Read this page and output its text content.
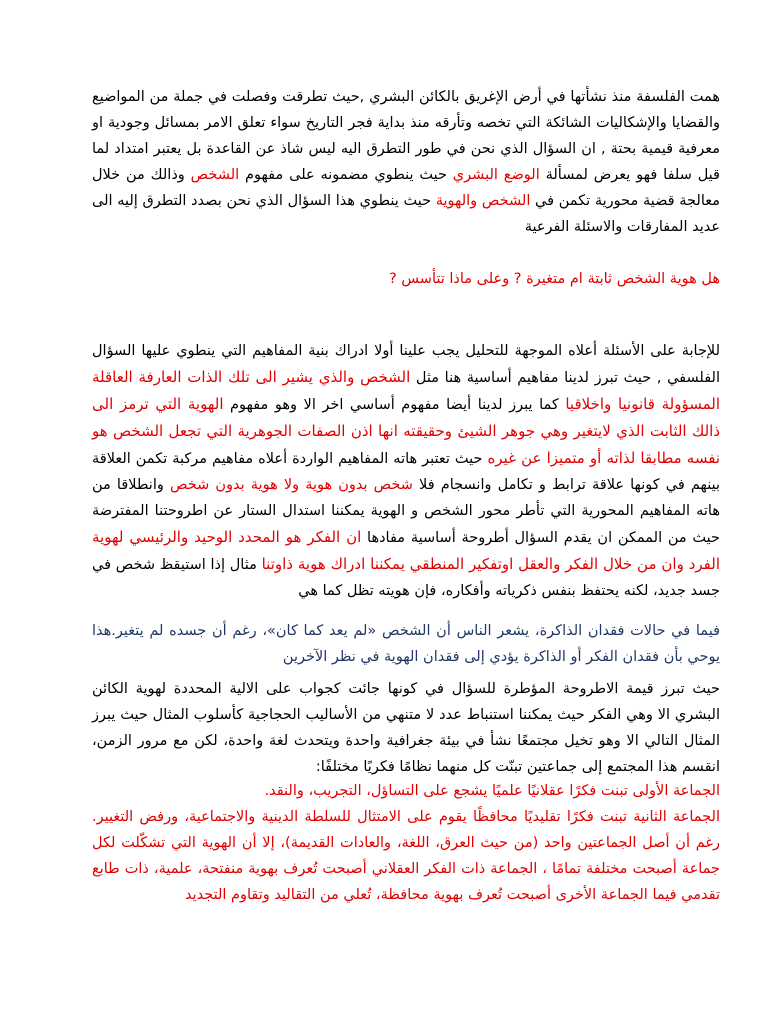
همت الفلسفة منذ نشأتها في أرض الإغريق بالكائن البشري ,حيث تطرقت وفصلت في جملة من المواضيع والقضايا والإشكاليات الشائكة التي تخصه وتأرقه منذ بداية فجر التاريخ سواء تعلق الامر بمسائل وجودية او معرفية قيمية بحتة , ان السؤال الذي نحن في طور التطرق اليه ليس شاذ عن القاعدة بل يعتبر امتداد لما قيل سلفا فهو يعرض لمسألة الوضع البشري حيث ينطوي مضمونه على مفهوم الشخص وذالك من خلال معالجة قضية محورية تكمن في الشخص والهوية حيث ينطوي هذا السؤال الذي نحن بصدد التطرق إليه الى عديد المفارقات والاسئلة الفرعية
هل هوية الشخص ثابتة ام متغيرة ? وعلى ماذا تتأسس ?
للإجابة على الأسئلة أعلاه الموجهة للتحليل يجب علينا أولا ادراك بنية المفاهيم التي ينطوي عليها السؤال الفلسفي , حيث تبرز لدينا مفاهيم أساسية هنا مثل الشخص والذي يشير الى تلك الذات العارفة العاقلة المسؤولة قانونيا واخلاقيا كما يبرز لدينا أيضا مفهوم أساسي اخر الا وهو مفهوم الهوية التي ترمز الى ذالك الثابت الذي لايتغير وهي جوهر الشيئ وحقيقته انها اذن الصفات الجوهرية التي تجعل الشخص هو نفسه مطابقا لذاته أو متميزا عن غيره حيث تعتبر هاته المفاهيم الواردة أعلاه مفاهيم مركبة تكمن العلاقة بينهم في كونها علاقة ترابط و تكامل وانسجام فلا شخص بدون هوية ولا هوية بدون شخص وانطلاقا من هاته المفاهيم المحورية التي تأطر محور الشخص و الهوية يمكننا استدال الستار عن اطروحتنا المفترضة حيث من الممكن ان يقدم السؤال أطروحة أساسية مفادها ان الفكر هو المحدد الوحيد والرئيسي لهوية الفرد وان من خلال الفكر والعقل اوتفكير المنطقي يمكننا ادراك هوية ذاوتنا مثال إذا استيقظ شخص في جسد جديد، لكنه يحتفظ بنفس ذكرياته وأفكاره، فإن هويته تظل كما هي
فيما في حالات فقدان الذاكرة، يشعر الناس أن الشخص «لم يعد كما كان»، رغم أن جسده لم يتغير.هذا يوحي بأن فقدان الفكر أو الذاكرة يؤدي إلى فقدان الهوية في نظر الآخرين
حيث تبرز قيمة الاطروحة المؤطرة للسؤال في كونها جائت كجواب على الالية المحددة لهوية الكائن البشري الا وهي الفكر حيث يمكننا استنباط عدد لا متنهي من الأساليب الحجاجية كأسلوب المثال حيث يبرز المثال التالي الا وهو تخيل مجتمعًا نشأ في بيئة جغرافية واحدة ويتحدث لغة واحدة، لكن مع مرور الزمن، انقسم هذا المجتمع إلى جماعتين تبنّت كل منهما نظامًا فكريًا مختلفًا:
الجماعة الأولى تبنت فكرًا عقلانيًا علميًا يشجع على التساؤل، التجريب، والنقد.
الجماعة الثانية تبنت فكرًا تقليديًا محافظًا يقوم على الامتثال للسلطة الدينية والاجتماعية، ورفض التغيير. رغم أن أصل الجماعتين واحد (من حيث العرق، اللغة، والعادات القديمة)، إلا أن الهوية التي تشكّلت لكل جماعة أصبحت مختلفة تمامًا ، الجماعة ذات الفكر العقلاني أصبحت تُعرف بهوية منفتحة، علمية، ذات طابع تقدمي فيما الجماعة الأخرى أصبحت تُعرف بهوية محافظة، تُعلي من التقاليد وتقاوم التجديد
